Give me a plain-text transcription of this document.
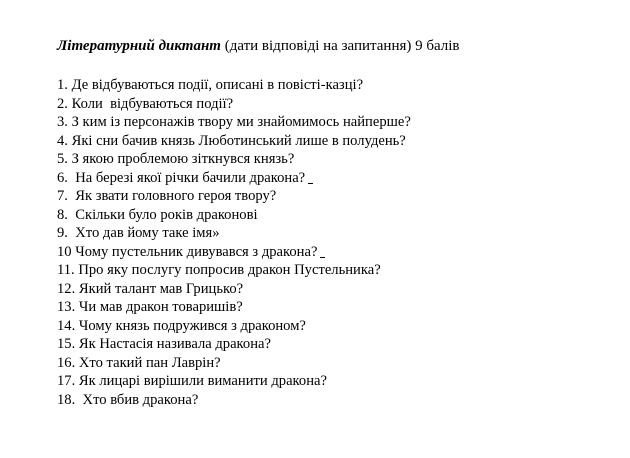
Літературний диктант (дати відповіді на запитання) 9 балів
1. Де відбуваються події, описані в повісті-казці?
2. Коли  відбуваються події?
3. З ким із персонажів твору ми знайомимось найперше?
4. Які сни бачив князь Люботинський лише в полудень?
5. З якою проблемою зіткнувся князь?
6.  На березі якої річки бачили дракона?
7.  Як звати головного героя твору?
8.  Скільки було років драконові
9.  Хто дав йому таке імя»
10 Чому пустельник дивувався з дракона?
11. Про яку послугу попросив дракон Пустельника?
12. Який талант мав Грицько?
13. Чи мав дракон товаришів?
14. Чому князь подружився з драконом?
15. Як Настасія називала дракона?
16. Хто такий пан Лаврін?
17. Як лицарі вирішили виманити дракона?
18.  Хто вбив дракона?
